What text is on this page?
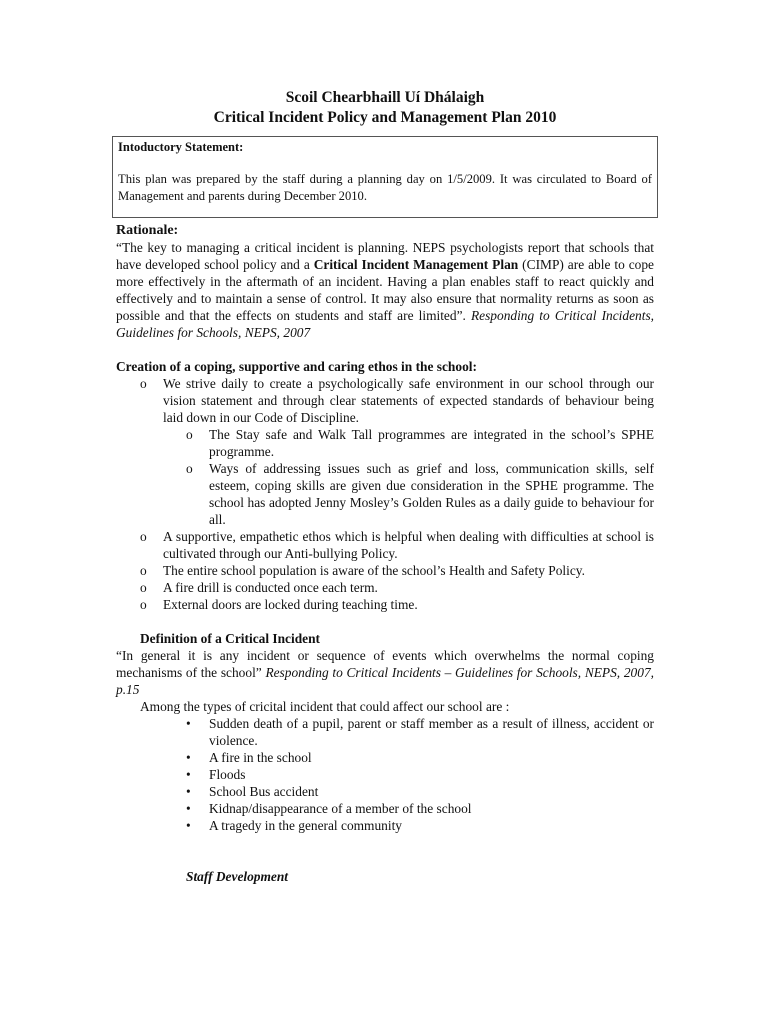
Scoil Chearbhaill Uí Dhálaigh
Critical Incident Policy and Management Plan 2010

Intoductory Statement:

This plan was prepared by the staff during a planning day on 1/5/2009. It was circulated to Board of Management and parents during December 2010.

Rationale:

“The key to managing a critical incident is planning. NEPS psychologists report that schools that have developed school policy and a Critical Incident Management Plan (CIMP) are able to cope more effectively in the aftermath of an incident. Having a plan enables staff to react quickly and effectively and to maintain a sense of control. It may also ensure that normality returns as soon as possible and that the effects on students and staff are limited”. Responding to Critical Incidents, Guidelines for Schools, NEPS, 2007

Creation of a coping, supportive and caring ethos in the school:

o We strive daily to create a psychologically safe environment in our school through our vision statement and through clear statements of expected standards of behaviour being laid down in our Code of Discipline.
o The Stay safe and Walk Tall programmes are integrated in the school’s SPHE programme.
o Ways of addressing issues such as grief and loss, communication skills, self esteem, coping skills are given due consideration in the SPHE programme. The school has adopted Jenny Mosley’s Golden Rules as a daily guide to behaviour for all.
o A supportive, empathetic ethos which is helpful when dealing with difficulties at school is cultivated through our Anti-bullying Policy.
o The entire school population is aware of the school’s Health and Safety Policy.
o A fire drill is conducted once each term.
o External doors are locked during teaching time.

Definition of a Critical Incident

“In general it is any incident or sequence of events which overwhelms the normal coping mechanisms of the school” Responding to Critical Incidents – Guidelines for Schools, NEPS, 2007, p.15

Among the types of cricital incident that could affect our school are :

• Sudden death of a pupil, parent or staff member as a result of illness, accident or violence.
• A fire in the school
• Floods
• School Bus accident
• Kidnap/disappearance of a member of the school
• A tragedy in the general community

Staff Development
